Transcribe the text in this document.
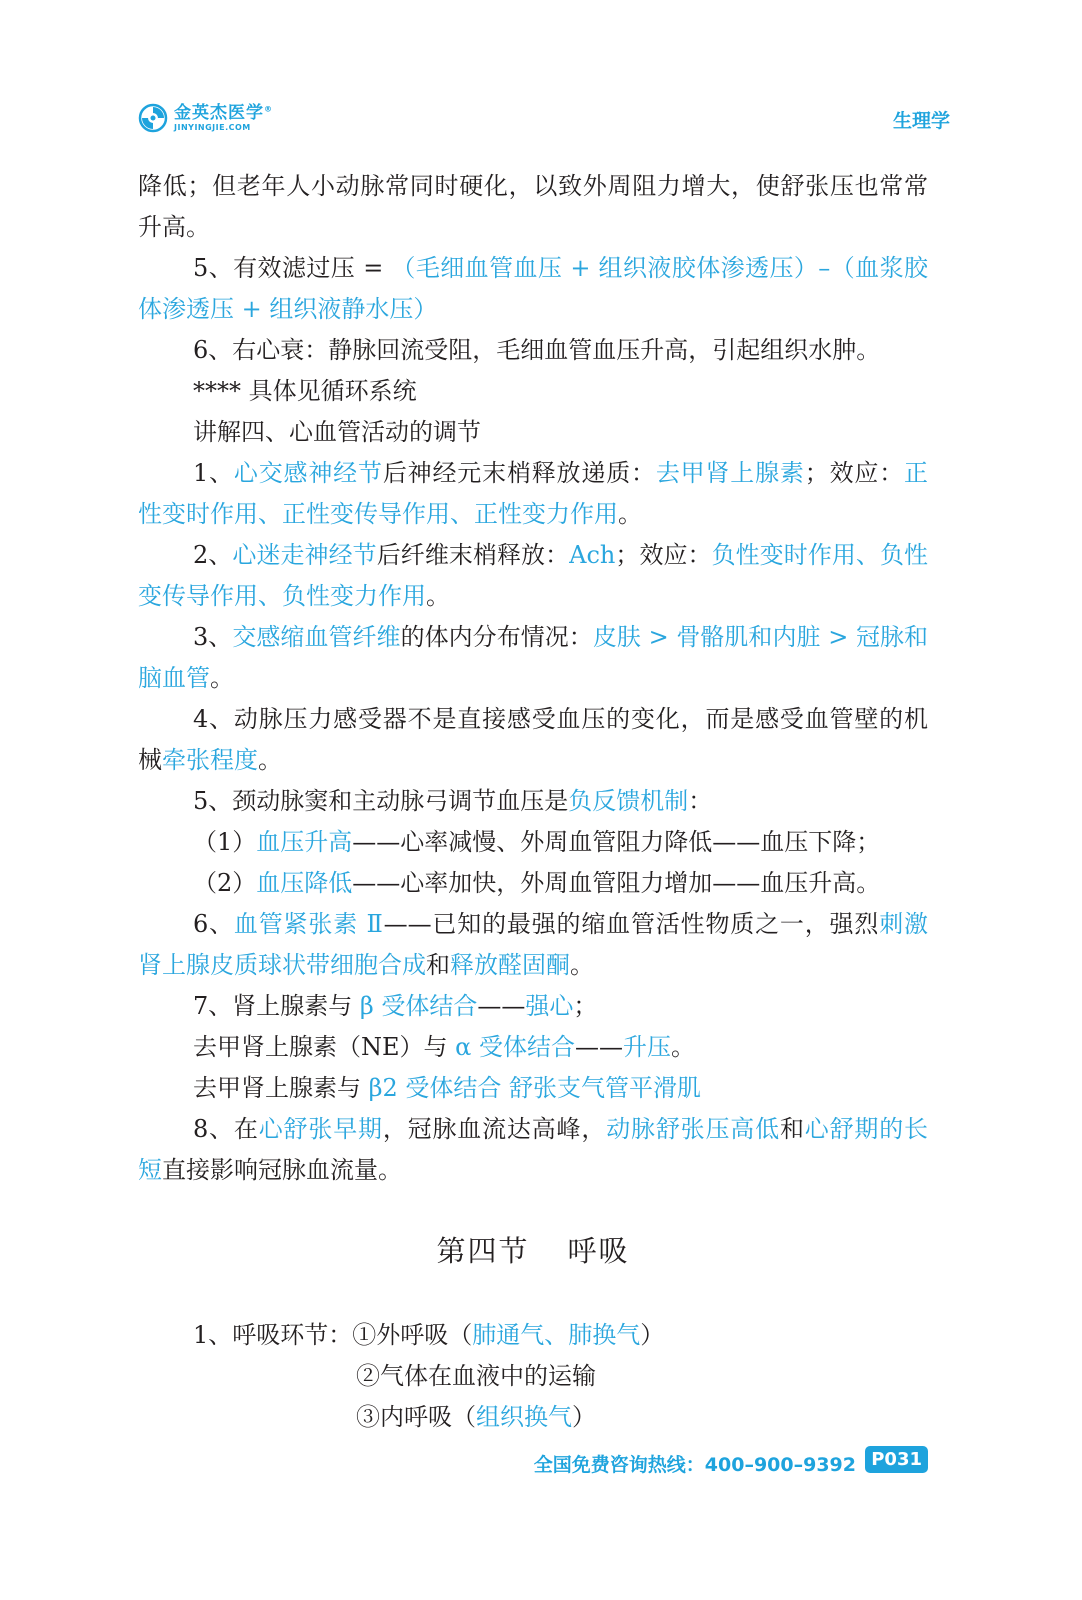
金英杰医学®
JINYINGJIE.COM	生理学

降低；但老年人小动脉常同时硬化，以致外周阻力增大，使舒张压也常常升高。

5、有效滤过压 = （毛细血管血压 + 组织液胶体渗透压）–（血浆胶体渗透压 + 组织液静水压）

6、右心衰：静脉回流受阻，毛细血管血压升高，引起组织水肿。

**** 具体见循环系统

讲解四、心血管活动的调节

1、心交感神经节后神经元末梢释放递质：去甲肾上腺素；效应：正性变时作用、正性变传导作用、正性变力作用。

2、心迷走神经节后纤维末梢释放：Ach；效应：负性变时作用、负性变传导作用、负性变力作用。

3、交感缩血管纤维的体内分布情况：皮肤 > 骨骼肌和内脏 > 冠脉和脑血管。

4、动脉压力感受器不是直接感受血压的变化，而是感受血管壁的机械牵张程度。

5、颈动脉窦和主动脉弓调节血压是负反馈机制：

（1）血压升高——心率减慢、外周血管阻力降低——血压下降；

（2）血压降低——心率加快，外周血管阻力增加——血压升高。

6、血管紧张素 Ⅱ——已知的最强的缩血管活性物质之一，强烈刺激肾上腺皮质球状带细胞合成和释放醛固酮。

7、肾上腺素与 β 受体结合——强心；

去甲肾上腺素（NE）与 α 受体结合——升压。

去甲肾上腺素与 β2 受体结合 舒张支气管平滑肌

8、在心舒张早期，冠脉血流达高峰，动脉舒张压高低和心舒期的长短直接影响冠脉血流量。

第四节 呼吸

1、呼吸环节：①外呼吸（肺通气、肺换气）

②气体在血液中的运输

③内呼吸（组织换气）

全国免费咨询热线：400–900–9392 P031
